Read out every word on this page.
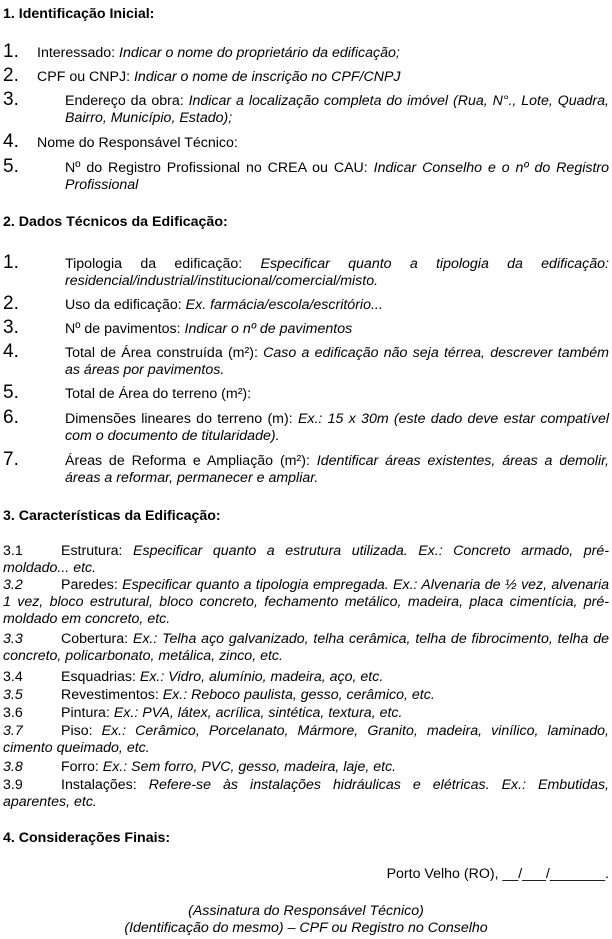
1. Identificação Inicial:
1. Interessado: Indicar o nome do proprietário da edificação;
2. CPF ou CNPJ: Indicar o nome de inscrição no CPF/CNPJ
3.	Endereço da obra: Indicar a localização completa do imóvel (Rua, N°., Lote, Quadra, Bairro, Município, Estado);
4. Nome do Responsável Técnico:
5.	Nº do Registro Profissional no CREA ou CAU: Indicar Conselho e o nº do Registro Profissional
2. Dados Técnicos da Edificação:
1.	Tipologia da edificação: Especificar quanto a tipologia da edificação: residencial/industrial/institucional/comercial/misto.
2.	Uso da edificação: Ex. farmácia/escola/escritório...
3.	Nº de pavimentos: Indicar o nº de pavimentos
4.	Total de Área construída (m²): Caso a edificação não seja térrea, descrever também as áreas por pavimentos.
5.	Total de Área do terreno (m²):
6.	Dimensões lineares do terreno (m): Ex.: 15 x 30m (este dado deve estar compatível com o documento de titularidade).
7.	Áreas de Reforma e Ampliação (m²): Identificar áreas existentes, áreas a demolir, áreas a reformar, permanecer e ampliar.
3. Características da Edificação:
3.1	Estrutura: Especificar quanto a estrutura utilizada. Ex.: Concreto armado, pré-moldado... etc.
3.2	Paredes: Especificar quanto a tipologia empregada. Ex.: Alvenaria de ½ vez, alvenaria 1 vez, bloco estrutural, bloco concreto, fechamento metálico, madeira, placa cimentícia, pré-moldado em concreto, etc.
3.3	Cobertura: Ex.: Telha aço galvanizado, telha cerâmica, telha de fibrocimento, telha de concreto, policarbonato, metálica, zinco, etc.
3.4	Esquadrias: Ex.: Vidro, alumínio, madeira, aço, etc.
3.5	Revestimentos: Ex.: Reboco paulista, gesso, cerâmico, etc.
3.6	Pintura: Ex.: PVA, látex, acrílica, sintética, textura, etc.
3.7	Piso: Ex.: Cerâmico, Porcelanato, Mármore, Granito, madeira, vinílico, laminado, cimento queimado, etc.
3.8	Forro: Ex.: Sem forro, PVC, gesso, madeira, laje, etc.
3.9	Instalações: Refere-se às instalações hidráulicas e elétricas. Ex.: Embutidas, aparentes, etc.
4. Considerações Finais:
Porto Velho (RO), __/___/_______.
(Assinatura do Responsável Técnico)
(Identificação do mesmo) – CPF ou Registro no Conselho
